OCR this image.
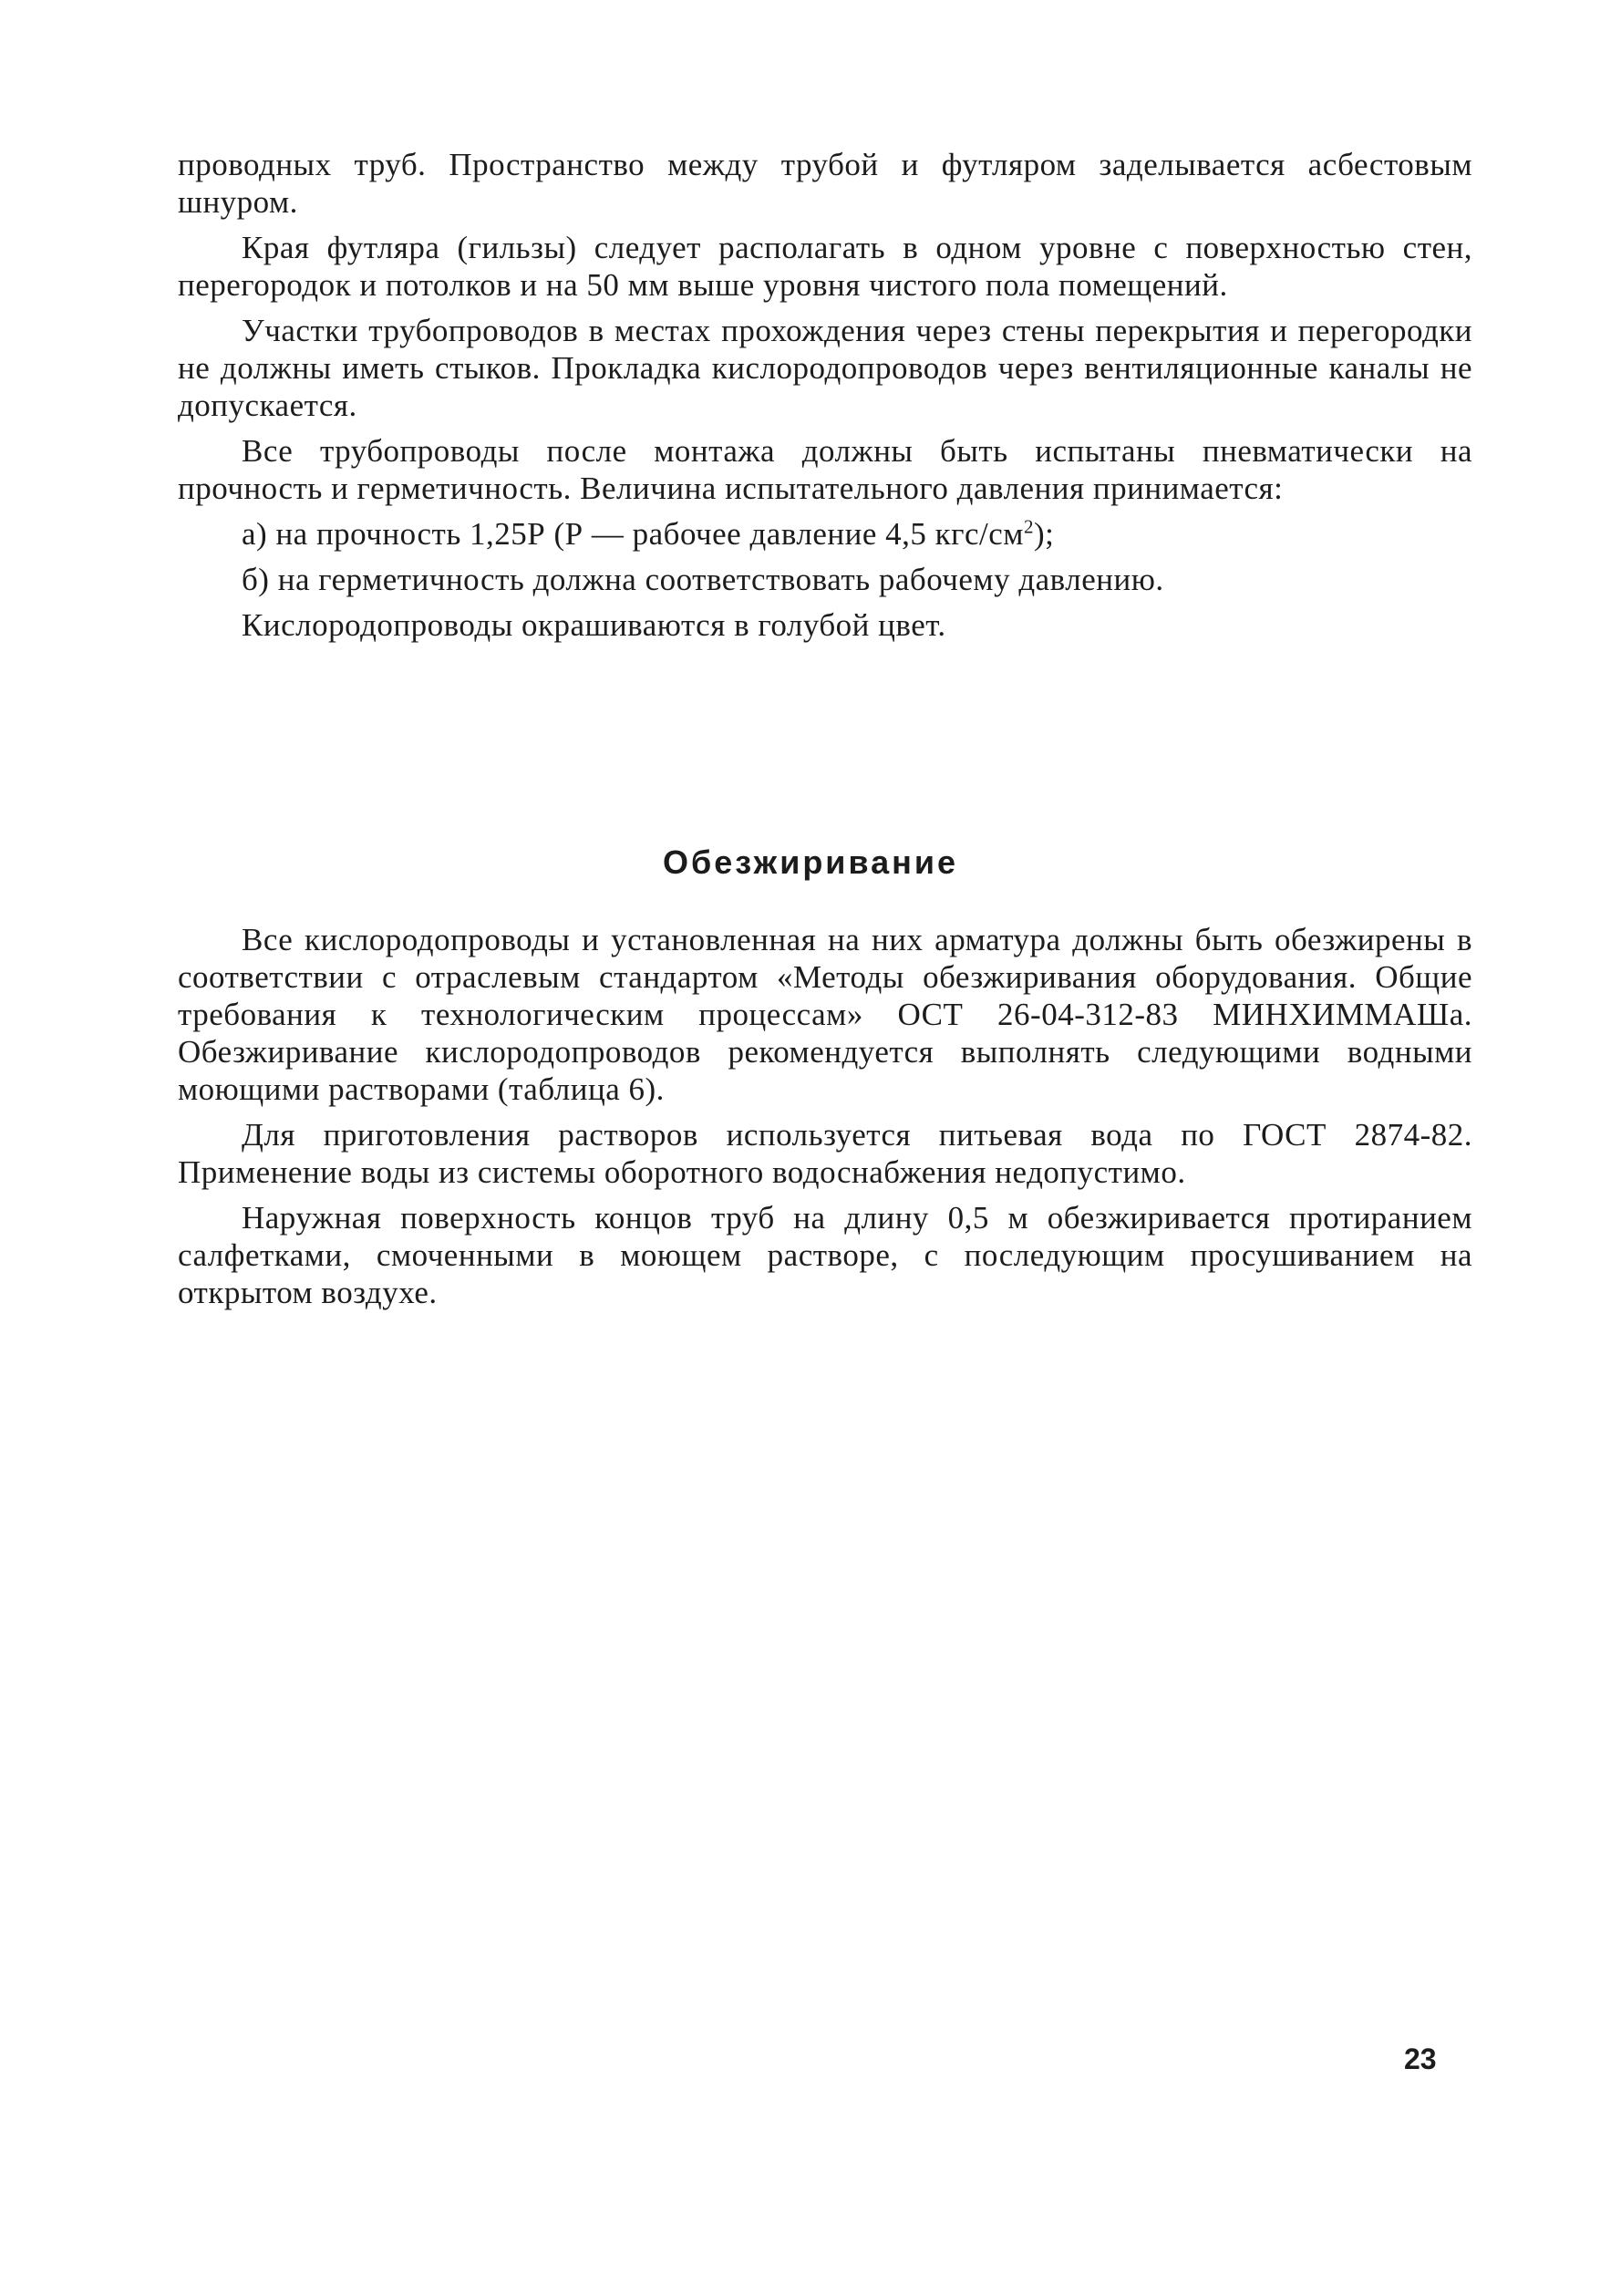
проводных труб. Пространство между трубой и футляром заделывается асбестовым шнуром.

Края футляра (гильзы) следует располагать в одном уровне с поверхностью стен, перегородок и потолков и на 50 мм выше уровня чистого пола помещений.

Участки трубопроводов в местах прохождения через стены перекрытия и перегородки не должны иметь стыков. Прокладка кислородопроводов через вентиляционные каналы не допускается.

Все трубопроводы после монтажа должны быть испытаны пневматически на прочность и герметичность. Величина испытательного давления принимается:

а) на прочность 1,25Р (Р — рабочее давление 4,5 кгс/$см^2$);

б) на герметичность должна соответствовать рабочему давлению.

Кислородопроводы окрашиваются в голубой цвет.

Обезжиривание

Все кислородопроводы и установленная на них арматура должны быть обезжирены в соответствии с отраслевым стандартом «Методы обезжиривания оборудования. Общие требования к технологическим процессам» ОСТ 26-04-312-83 МИНХИММАШа. Обезжиривание кислородопроводов рекомендуется выполнять следующими водными моющими растворами (таблица 6).

Для приготовления растворов используется питьевая вода по ГОСТ 2874-82. Применение воды из системы оборотного водоснабжения недопустимо.

Наружная поверхность концов труб на длину 0,5 м обезжиривается протиранием салфетками, смоченными в моющем растворе, с последующим просушиванием на открытом воздухе.

23
